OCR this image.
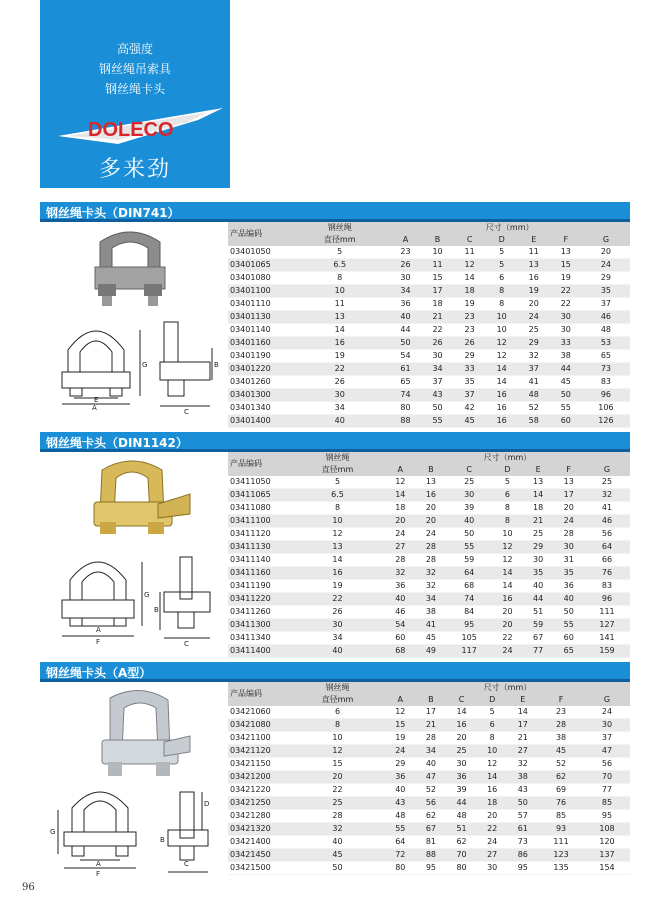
高强度
钢丝绳吊索具
钢丝绳卡头
DOLECO
多来劲
钢丝绳卡头（DIN741）
A
E
G
C
B
产品编码	钢丝绳	尺寸（mm）						
	直径mm	A	B	C	D	E	F	G
03401050	5	23	10	11	5	11	13	20
03401065	6.5	26	11	12	5	13	15	24
03401080	8	30	15	14	6	16	19	29
03401100	10	34	17	18	8	19	22	35
03401110	11	36	18	19	8	20	22	37
03401130	13	40	21	23	10	24	30	46
03401140	14	44	22	23	10	25	30	48
03401160	16	50	26	26	12	29	33	53
03401190	19	54	30	29	12	32	38	65
03401220	22	61	34	33	14	37	44	73
03401260	26	65	37	35	14	41	45	83
03401300	30	74	43	37	16	48	50	96
03401340	34	80	50	42	16	52	55	106
03401400	40	88	55	45	16	58	60	126
钢丝绳卡头（DIN1142）
A
F
G
C
B
产品编码	钢丝绳	尺寸（mm）						
	直径mm	A	B	C	D	E	F	G
03411050	5	12	13	25	5	13	13	25
03411065	6.5	14	16	30	6	14	17	32
03411080	8	18	20	39	8	18	20	41
03411100	10	20	20	40	8	21	24	46
03411120	12	24	24	50	10	25	28	56
03411130	13	27	28	55	12	29	30	64
03411140	14	28	28	59	12	30	31	66
03411160	16	32	32	64	14	35	35	76
03411190	19	36	32	68	14	40	36	83
03411220	22	40	34	74	16	44	40	96
03411260	26	46	38	84	20	51	50	111
03411300	30	54	41	95	20	59	55	127
03411340	34	60	45	105	22	67	60	141
03411400	40	68	49	117	24	77	65	159
钢丝绳卡头（A型）
A
F
G
C
D
B
产品编码	钢丝绳	尺寸（mm）						
	直径mm	A	B	C	D	E	F	G
03421060	6	12	17	14	5	14	23	24
03421080	8	15	21	16	6	17	28	30
03421100	10	19	28	20	8	21	38	37
03421120	12	24	34	25	10	27	45	47
03421150	15	29	40	30	12	32	52	56
03421200	20	36	47	36	14	38	62	70
03421220	22	40	52	39	16	43	69	77
03421250	25	43	56	44	18	50	76	85
03421280	28	48	62	48	20	57	85	95
03421320	32	55	67	51	22	61	93	108
03421400	40	64	81	62	24	73	111	120
03421450	45	72	88	70	27	86	123	137
03421500	50	80	95	80	30	95	135	154
96
